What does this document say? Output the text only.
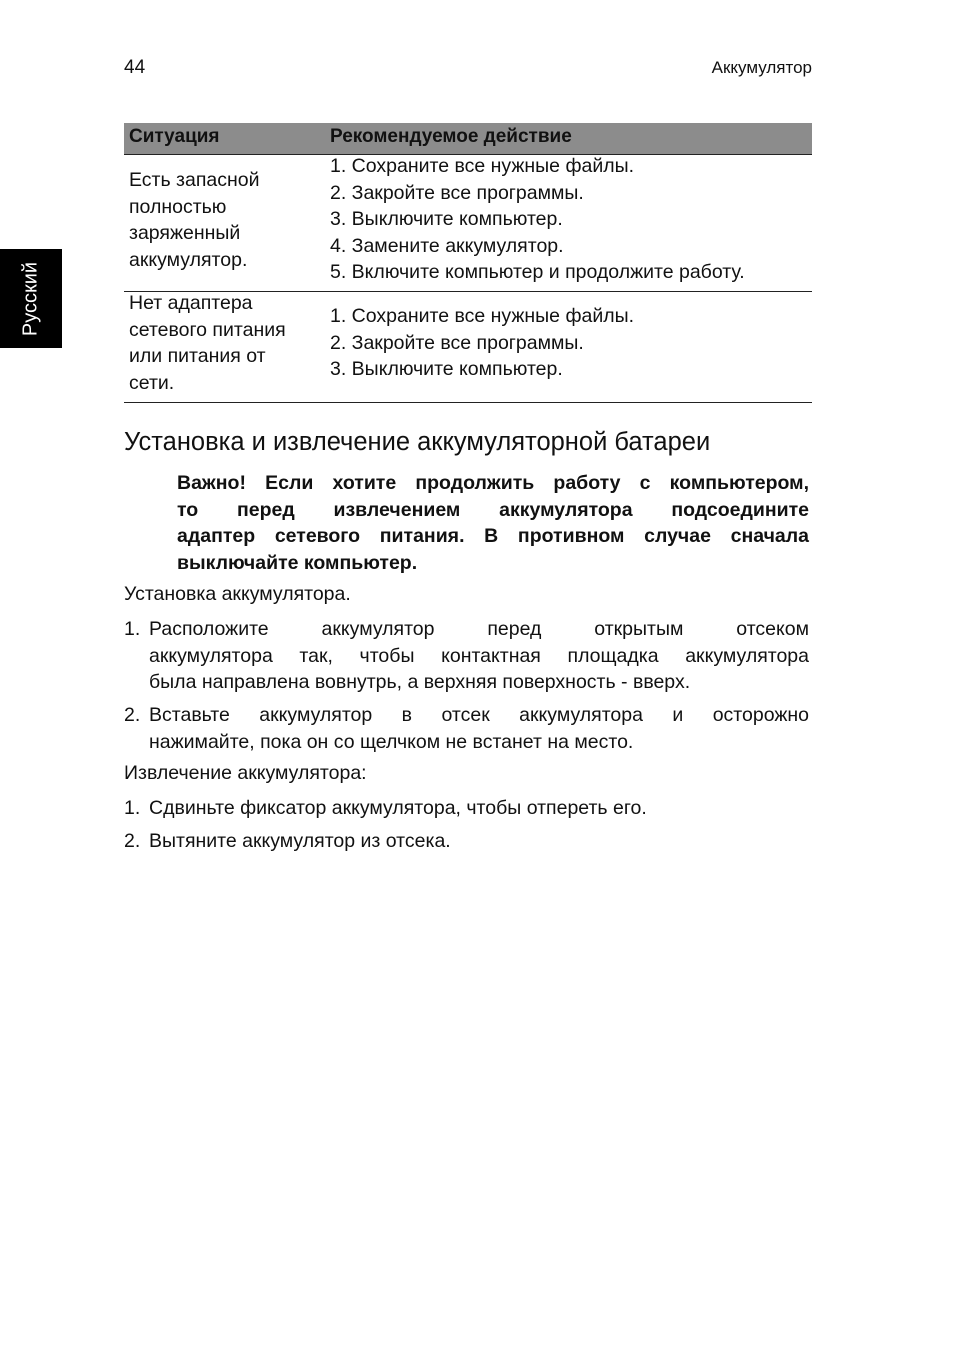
44	Аккумулятор
Русский
Ситуация	Рекомендуемое действие
Есть запасной
полностью
заряженный
аккумулятор.
1. Сохраните все нужные файлы.
2. Закройте все программы.
3. Выключите компьютер.
4. Замените аккумулятор.
5. Включите компьютер и продолжите работу.
Нет адаптера
сетевого питания
или питания от
сети.
1. Сохраните все нужные файлы.
2. Закройте все программы.
3. Выключите компьютер.
Установка и извлечение аккумуляторной батареи
Важно! Если хотите продолжить работу с компьютером,
то перед извлечением аккумулятора подсоедините
адаптер сетевого питания. В противном случае сначала
выключайте компьютер.
Установка аккумулятора.
1. Расположите аккумулятор перед открытым отсеком
аккумулятора так, чтобы контактная площадка аккумулятора
была направлена вовнутрь, а верхняя поверхность - вверх.
2. Вставьте аккумулятор в отсек аккумулятора и осторожно
нажимайте, пока он со щелчком не встанет на место.
Извлечение аккумулятора:
1. Сдвиньте фиксатор аккумулятора, чтобы отпереть его.
2. Вытяните аккумулятор из отсека.
